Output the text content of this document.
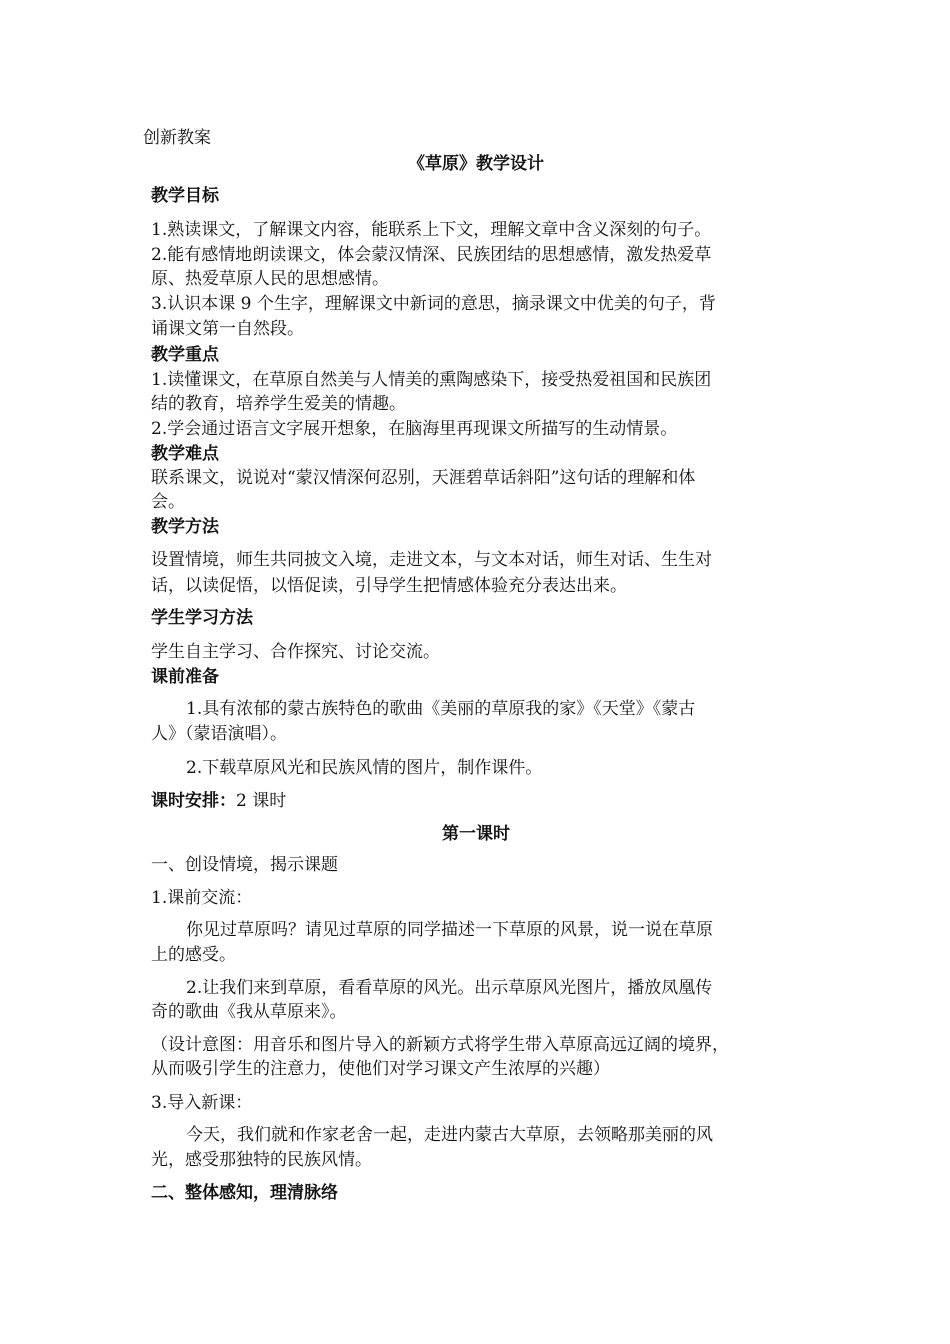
创新教案
《草原》教学设计
教学目标
1.熟读课文，了解课文内容，能联系上下文，理解文章中含义深刻的句子。
2.能有感情地朗读课文，体会蒙汉情深、民族团结的思想感情，激发热爱草
原、热爱草原人民的思想感情。
3.认识本课 9 个生字，理解课文中新词的意思，摘录课文中优美的句子，背
诵课文第一自然段。
教学重点
1.读懂课文，在草原自然美与人情美的熏陶感染下，接受热爱祖国和民族团
结的教育，培养学生爱美的情趣。
2.学会通过语言文字展开想象，在脑海里再现课文所描写的生动情景。
教学难点
联系课文，说说对“蒙汉情深何忍别，天涯碧草话斜阳”这句话的理解和体
会。
教学方法
设置情境，师生共同披文入境，走进文本，与文本对话，师生对话、生生对
话，以读促悟，以悟促读，引导学生把情感体验充分表达出来。
学生学习方法
学生自主学习、合作探究、讨论交流。
课前准备
1.具有浓郁的蒙古族特色的歌曲《美丽的草原我的家》《天堂》《蒙古
人》（蒙语演唱）。
2.下载草原风光和民族风情的图片，制作课件。
课时安排：2 课时
第一课时
一、创设情境，揭示课题
1.课前交流：
你见过草原吗？请见过草原的同学描述一下草原的风景，说一说在草原
上的感受。
2.让我们来到草原，看看草原的风光。出示草原风光图片，播放凤凰传
奇的歌曲《我从草原来》。
（设计意图：用音乐和图片导入的新颖方式将学生带入草原高远辽阔的境界，
从而吸引学生的注意力，使他们对学习课文产生浓厚的兴趣）
3.导入新课：
今天，我们就和作家老舍一起，走进内蒙古大草原，去领略那美丽的风
光，感受那独特的民族风情。
二、整体感知，理清脉络
